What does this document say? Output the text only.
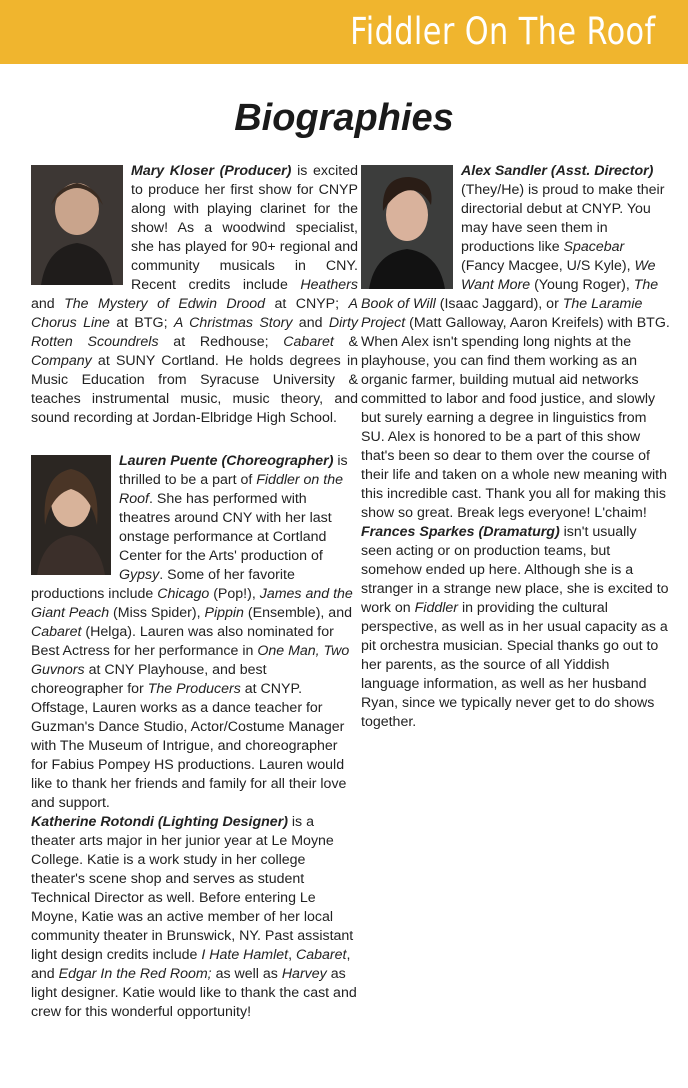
Fiddler On The Roof
Biographies

Mary Kloser (Producer) is excited to produce her first show for CNYP along with playing clarinet for the show! As a woodwind specialist, she has played for 90+ regional and community musicals in CNY. Recent credits include Heathers and The Mystery of Edwin Drood at CNYP; A Chorus Line at BTG; A Christmas Story and Dirty Rotten Scoundrels at Redhouse; Cabaret & Company at SUNY Cortland. He holds degrees in Music Education from Syracuse University & teaches instrumental music, music theory, and sound recording at Jordan-Elbridge High School.

Lauren Puente (Choreographer) is thrilled to be a part of Fiddler on the Roof. She has performed with theatres around CNY with her last onstage performance at Cortland Center for the Arts' production of Gypsy. Some of her favorite productions include Chicago (Pop!), James and the Giant Peach (Miss Spider), Pippin (Ensemble), and Cabaret (Helga). Lauren was also nominated for Best Actress for her performance in One Man, Two Guvnors at CNY Playhouse, and best choreographer for The Producers at CNYP. Offstage, Lauren works as a dance teacher for Guzman's Dance Studio, Actor/Costume Manager with The Museum of Intrigue, and choreographer for Fabius Pompey HS productions. Lauren would like to thank her friends and family for all their love and support.

Katherine Rotondi (Lighting Designer) is a theater arts major in her junior year at Le Moyne College. Katie is a work study in her college theater's scene shop and serves as student Technical Director as well. Before entering Le Moyne, Katie was an active member of her local community theater in Brunswick, NY. Past assistant light design credits include I Hate Hamlet, Cabaret, and Edgar In the Red Room; as well as Harvey as light designer. Katie would like to thank the cast and crew for this wonderful opportunity!

Alex Sandler (Asst. Director) (They/He) is proud to make their directorial debut at CNYP. You may have seen them in productions like Spacebar (Fancy Macgee, U/S Kyle), We Want More (Young Roger), The Book of Will (Isaac Jaggard), or The Laramie Project (Matt Galloway, Aaron Kreifels) with BTG. When Alex isn't spending long nights at the playhouse, you can find them working as an organic farmer, building mutual aid networks committed to labor and food justice, and slowly but surely earning a degree in linguistics from SU. Alex is honored to be a part of this show that's been so dear to them over the course of their life and taken on a whole new meaning with this incredible cast. Thank you all for making this show so great. Break legs everyone! L'chaim!

Frances Sparkes (Dramaturg) isn't usually seen acting or on production teams, but somehow ended up here. Although she is a stranger in a strange new place, she is excited to work on Fiddler in providing the cultural perspective, as well as in her usual capacity as a pit orchestra musician. Special thanks go out to her parents, as the source of all Yiddish language information, as well as her husband Ryan, since we typically never get to do shows together.
